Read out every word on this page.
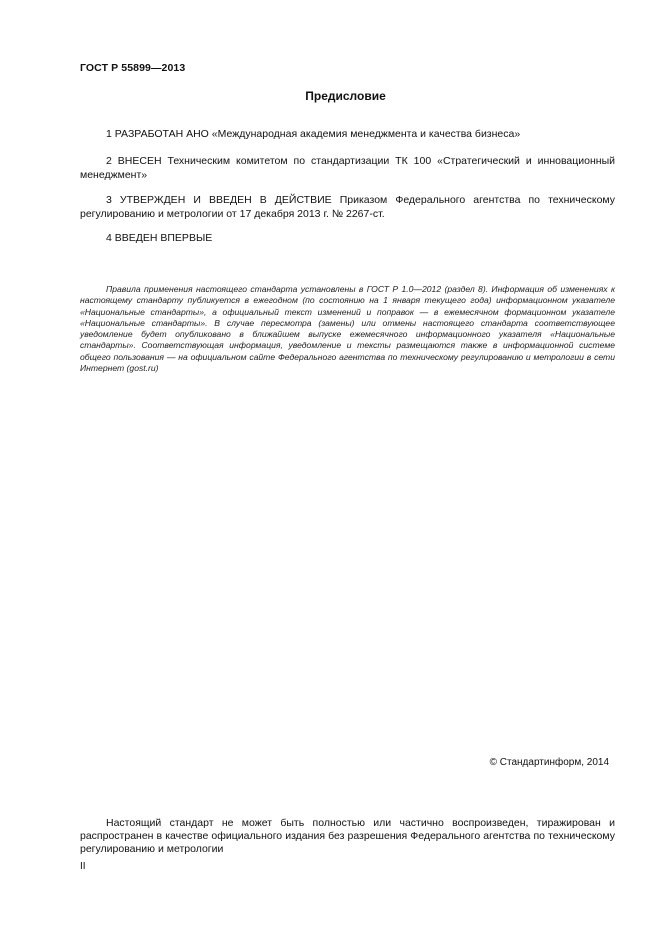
ГОСТ Р 55899—2013
Предисловие
1 РАЗРАБОТАН АНО «Международная академия менеджмента и качества бизнеса»
2 ВНЕСЕН Техническим комитетом по стандартизации ТК 100 «Стратегический и инновационный менеджмент»
3 УТВЕРЖДЕН И ВВЕДЕН В ДЕЙСТВИЕ Приказом Федерального агентства по техническому регулированию и метрологии от 17 декабря 2013 г. № 2267-ст.
4 ВВЕДЕН ВПЕРВЫЕ
Правила применения настоящего стандарта установлены в ГОСТ Р 1.0—2012 (раздел 8). Информация об изменениях к настоящему стандарту публикуется в ежегодном (по состоянию на 1 января текущего года) информационном указателе «Национальные стандарты», а официальный текст изменений и поправок — в ежемесячном формационном указателе «Национальные стандарты». В случае пересмотра (замены) или отмены настоящего стандарта соответствующее уведомление будет опубликовано в ближайшем выпуске ежемесячного информационного указателя «Национальные стандарты». Соответствующая информация, уведомление и тексты размещаются также в информационной системе общего пользования — на официальном сайте Федерального агентства по техническому регулированию и метрологии в сети Интернет (gost.ru)
© Стандартинформ, 2014
Настоящий стандарт не может быть полностью или частично воспроизведен, тиражирован и распространен в качестве официального издания без разрешения Федерального агентства по техническому регулированию и метрологии
II
